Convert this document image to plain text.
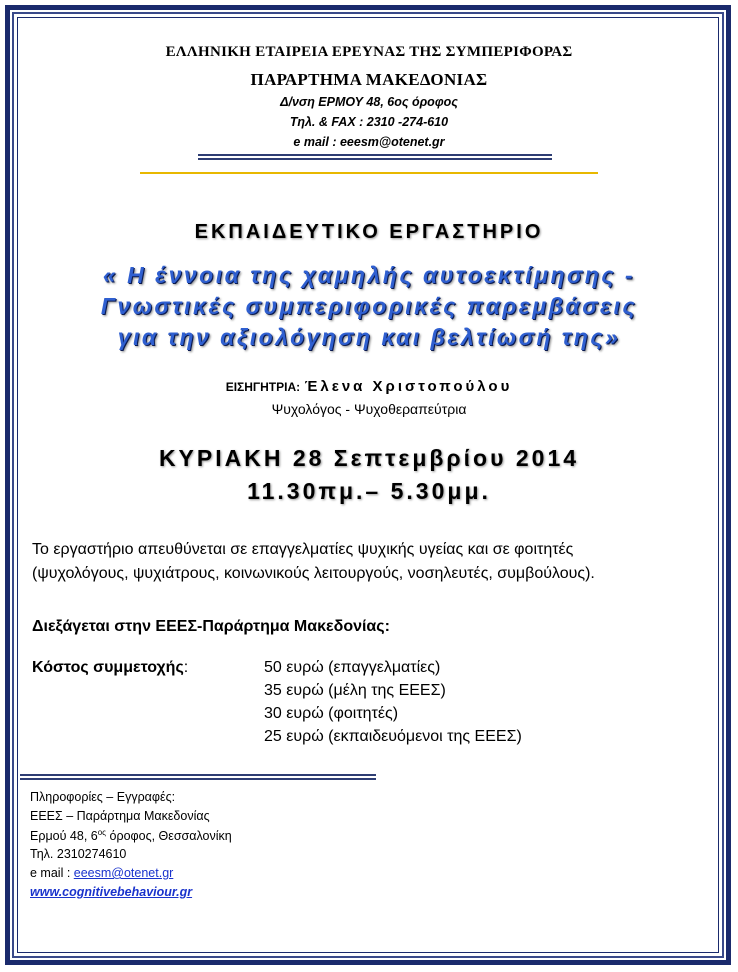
ΕΛΛΗΝΙΚΗ ΕΤΑΙΡΕΙΑ ΕΡΕΥΝΑΣ ΤΗΣ ΣΥΜΠΕΡΙΦΟΡΑΣ
ΠΑΡΑΡΤΗΜΑ ΜΑΚΕΔΟΝΙΑΣ
Δ/νση ΕΡΜΟΥ 48, 6ος όροφος
Τηλ. & FAX : 2310 -274-610
e mail : eeesm@otenet.gr
ΕΚΠΑΙΔΕΥΤΙΚΟ ΕΡΓΑΣΤΗΡΙΟ
« Η έννοια της χαμηλής αυτοεκτίμησης -
Γνωστικές συμπεριφορικές παρεμβάσεις
για την αξιολόγηση και βελτίωσή της»
ΕΙΣΗΓΗΤΡΙΑ: Έλενα Χριστοπούλου
Ψυχολόγος - Ψυχοθεραπεύτρια
ΚΥΡΙΑΚΗ 28 Σεπτεμβρίου 2014
11.30πμ.– 5.30μμ.
Το εργαστήριο απευθύνεται σε επαγγελματίες ψυχικής υγείας και σε φοιτητές
(ψυχολόγους, ψυχιάτρους, κοινωνικούς λειτουργούς, νοσηλευτές, συμβούλους).
Διεξάγεται στην ΕΕΕΣ-Παράρτημα Μακεδονίας:
Κόστος συμμετοχής:	50 ευρώ (επαγγελματίες)
35 ευρώ (μέλη της ΕΕΕΣ)
30 ευρώ (φοιτητές)
25 ευρώ (εκπαιδευόμενοι της ΕΕΕΣ)
Πληροφορίες – Εγγραφές:
ΕΕΕΣ – Παράρτημα Μακεδονίας
Ερμού 48, $6^{o\varsigma}$ όροφος, Θεσσαλονίκη
Τηλ. 2310274610
e mail : eeesm@otenet.gr
www.cognitivebehaviour.gr
